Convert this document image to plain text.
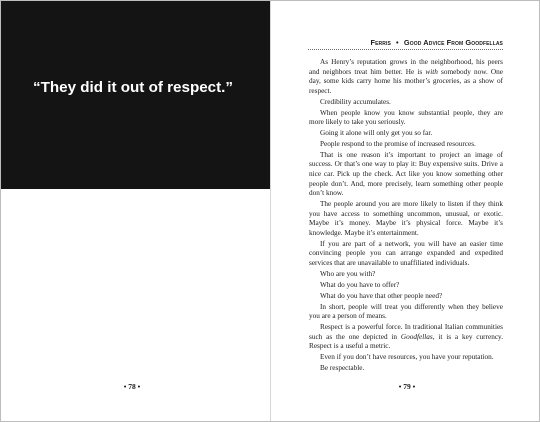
“They did it out of respect.”
• 78 •
Ferris • Good Advice From Goodfellas

As Henry’s reputation grows in the neighborhood, his peers and neighbors treat him better. He is with somebody now. One day, some kids carry home his mother’s groceries, as a show of respect.

Credibility accumulates.

When people know you know substantial people, they are more likely to take you seriously.

Going it alone will only get you so far.

People respond to the promise of increased resources.

That is one reason it’s important to project an image of success. Or that’s one way to play it: Buy expensive suits. Drive a nice car. Pick up the check. Act like you know something other people don’t. And, more precisely, learn something other people don’t know.

The people around you are more likely to listen if they think you have access to something uncommon, unusual, or exotic. Maybe it’s money. Maybe it’s physical force. Maybe it’s knowledge. Maybe it’s entertainment.

If you are part of a network, you will have an easier time convincing people you can arrange expanded and expedited services that are unavailable to unaffiliated individuals.

Who are you with?

What do you have to offer?

What do you have that other people need?

In short, people will treat you differently when they believe you are a person of means.

Respect is a powerful force. In traditional Italian communities such as the one depicted in Goodfellas, it is a key currency. Respect is a useful a metric.

Even if you don’t have resources, you have your reputation.

Be respectable.

• 79 •
